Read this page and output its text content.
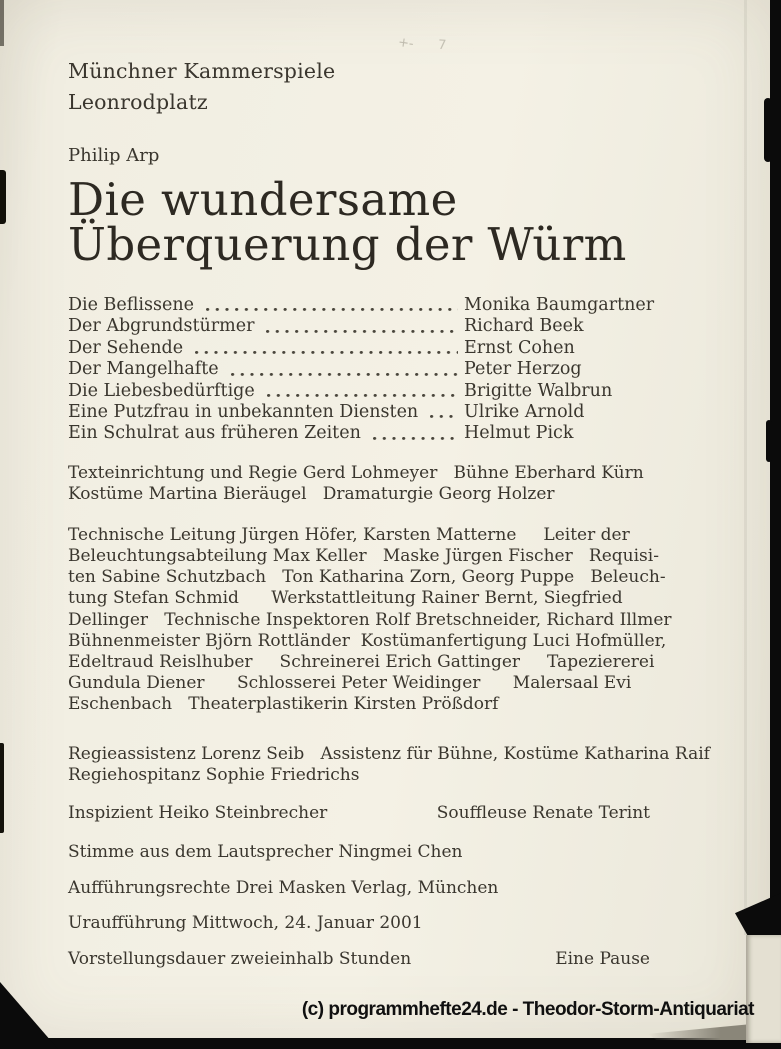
+- 7
Münchner Kammerspiele
Leonrodplatz
Philip Arp
Die wundersame
Überquerung der Würm
Die Beflissene	Monika Baumgartner
Der Abgrundstürmer	Richard Beek
Der Sehende	Ernst Cohen
Der Mangelhafte	Peter Herzog
Die Liebesbedürftige	Brigitte Walbrun
Eine Putzfrau in unbekannten Diensten	Ulrike Arnold
Ein Schulrat aus früheren Zeiten	Helmut Pick
Texteinrichtung und Regie Gerd Lohmeyer   Bühne Eberhard Kürn
Kostüme Martina Bieräugel   Dramaturgie Georg Holzer
Technische Leitung Jürgen Höfer, Karsten Matterne     Leiter der
Beleuchtungsabteilung Max Keller   Maske Jürgen Fischer   Requisi-
ten Sabine Schutzbach   Ton Katharina Zorn, Georg Puppe   Beleuch-
tung Stefan Schmid      Werkstattleitung Rainer Bernt, Siegfried
Dellinger   Technische Inspektoren Rolf Bretschneider, Richard Illmer
Bühnenmeister Björn Rottländer  Kostümanfertigung Luci Hofmüller,
Edeltraud Reislhuber     Schreinerei Erich Gattinger     Tapeziererei
Gundula Diener      Schlosserei Peter Weidinger      Malersaal Evi
Eschenbach   Theaterplastikerin Kirsten Prößdorf
Regieassistenz Lorenz Seib   Assistenz für Bühne, Kostüme Katharina Raif
Regiehospitanz Sophie Friedrichs
Inspizient Heiko Steinbrecher	Souffleuse Renate Terint
Stimme aus dem Lautsprecher Ningmei Chen
Aufführungsrechte Drei Masken Verlag, München
Uraufführung Mittwoch, 24. Januar 2001
Vorstellungsdauer zweieinhalb Stunden	Eine Pause
(c) programmhefte24.de - Theodor-Storm-Antiquariat
